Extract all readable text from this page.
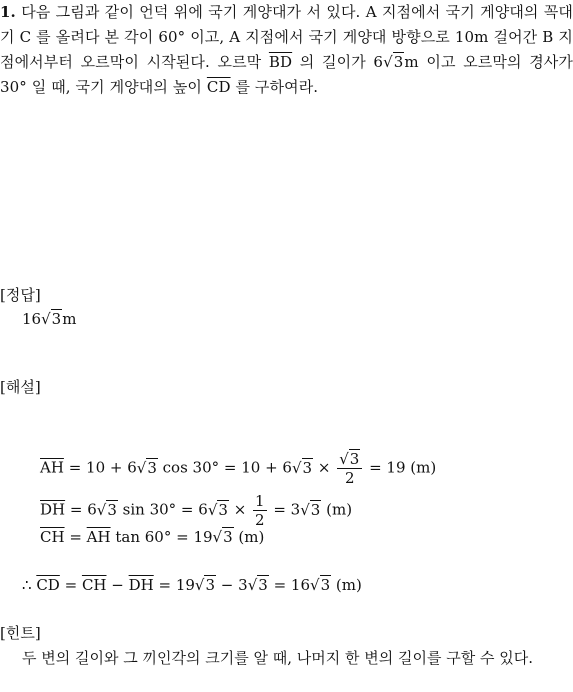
1. 다음 그림과 같이 언덕 위에 국기 게양대가 서 있다. A 지점에서 국기 게양대의 꼭대기 C 를 올려다 본 각이 60° 이고, A 지점에서 국기 게양대 방향으로 10m 걸어간 B 지점에서부터 오르막이 시작된다. 오르막 $\overline{BD}$ 의 길이가 6√3m 이고 오르막의 경사가 30° 일 때, 국기 게양대의 높이 $\overline{CD}$ 를 구하여라.
[정답]
16√3m
[해설]
$\overline{AH} = 10 + 6√3$ $\cos 30^\circ = 10 + 6√3 \times \frac{√3}{2} = 19$ (m)
$\overline{DH} = 6√3$ $\sin 30^\circ = 6√3 \times \frac{1}{2} = 3√3$ (m)
$\overline{CH} = \overline{AH}$ tan 60° = 19√3 (m)
∴ $\overline{CD} = \overline{CH} - \overline{DH} = 19√3 - 3√3 = 16√3$ (m)
[힌트]
두 변의 길이와 그 끼인각의 크기를 알 때, 나머지 한 변의 길이를 구할 수 있다.
